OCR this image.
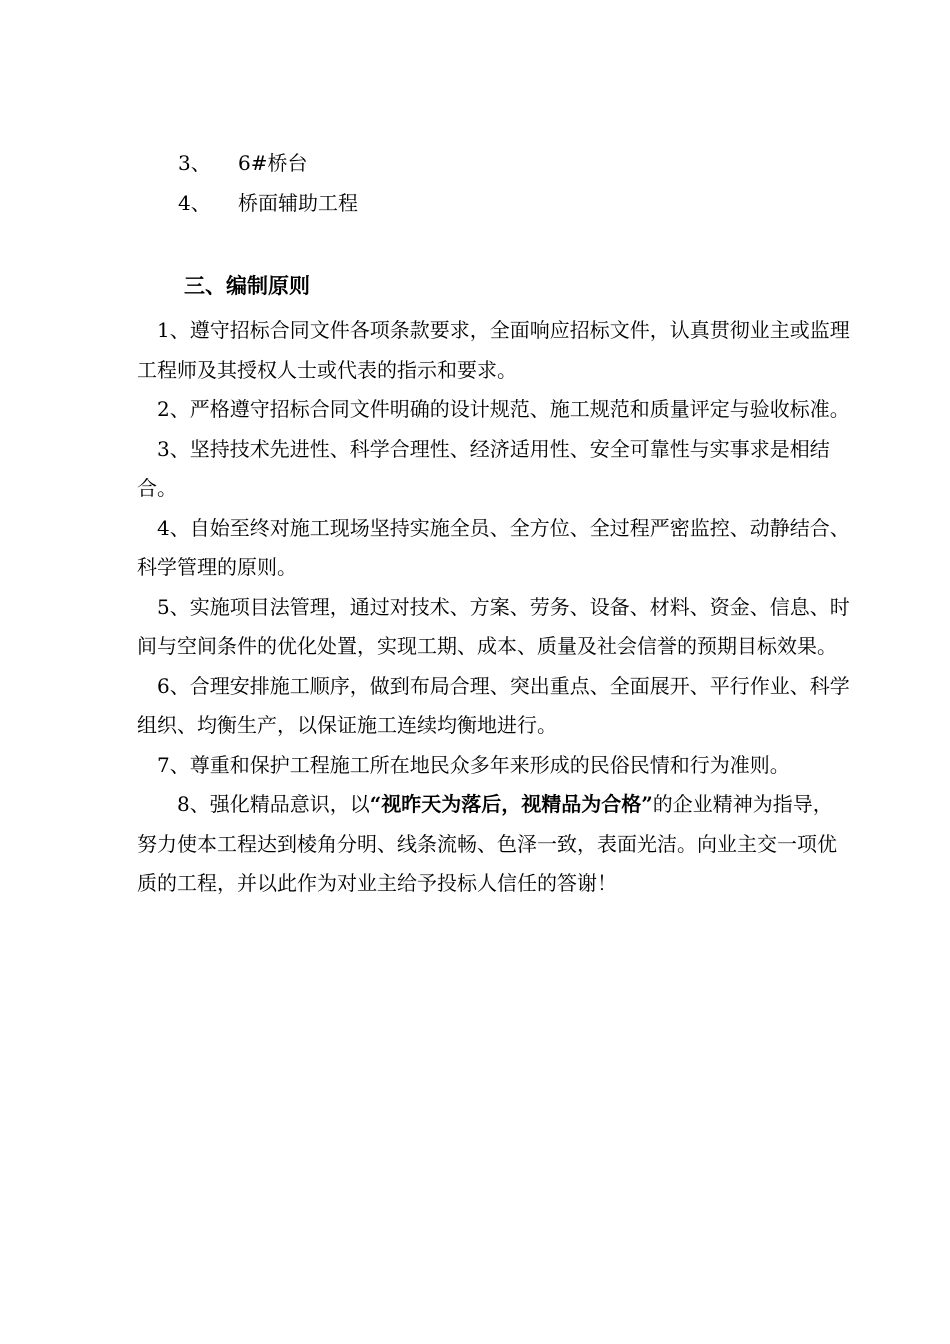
3、 6#桥台
4、 桥面辅助工程
三、编制原则

1、遵守招标合同文件各项条款要求，全面响应招标文件，认真贯彻业主或监理工程师及其授权人士或代表的指示和要求。

2、严格遵守招标合同文件明确的设计规范、施工规范和质量评定与验收标准。

3、坚持技术先进性、科学合理性、经济适用性、安全可靠性与实事求是相结合。

4、自始至终对施工现场坚持实施全员、全方位、全过程严密监控、动静结合、科学管理的原则。

5、实施项目法管理，通过对技术、方案、劳务、设备、材料、资金、信息、时间与空间条件的优化处置，实现工期、成本、质量及社会信誉的预期目标效果。

6、合理安排施工顺序，做到布局合理、突出重点、全面展开、平行作业、科学组织、均衡生产，以保证施工连续均衡地进行。

7、尊重和保护工程施工所在地民众多年来形成的民俗民情和行为准则。

8、强化精品意识，以“视昨天为落后，视精品为合格”的企业精神为指导，努力使本工程达到棱角分明、线条流畅、色泽一致，表面光洁。向业主交一项优质的工程，并以此作为对业主给予投标人信任的答谢！
